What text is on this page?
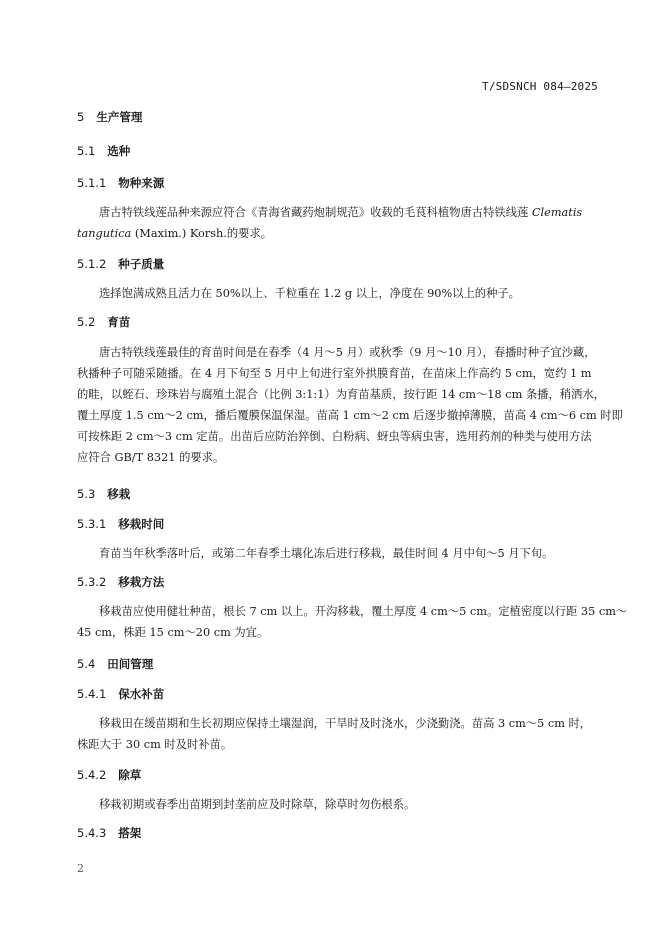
T/SDSNCH 084—2025
5 生产管理
5.1 选种
5.1.1 物种来源
唐古特铁线莲品种来源应符合《青海省藏药炮制规范》收载的毛茛科植物唐古特铁线莲 Clematis
tangutica (Maxim.) Korsh.的要求。
5.1.2 种子质量
选择饱满成熟且活力在 50%以上、千粒重在 1.2 g 以上，净度在 90%以上的种子。
5.2 育苗
唐古特铁线莲最佳的育苗时间是在春季（4 月～5 月）或秋季（9 月～10 月），春播时种子宜沙藏，
秋播种子可随采随播。在 4 月下旬至 5 月中上旬进行室外拱膜育苗，在苗床上作高约 5 cm，宽约 1 m
的畦，以蛭石、珍珠岩与腐殖土混合（比例 3:1:1）为育苗基质，按行距 14 cm～18 cm 条播，稍洒水，
覆土厚度 1.5 cm～2 cm，播后覆膜保温保湿。苗高 1 cm～2 cm 后逐步撤掉薄膜，苗高 4 cm～6 cm 时即
可按株距 2 cm～3 cm 定苗。出苗后应防治猝倒、白粉病、蚜虫等病虫害，选用药剂的种类与使用方法
应符合 GB/T 8321 的要求。
5.3 移栽
5.3.1 移栽时间
育苗当年秋季落叶后，或第二年春季土壤化冻后进行移栽，最佳时间 4 月中旬～5 月下旬。
5.3.2 移栽方法
移栽苗应使用健壮种苗，根长 7 cm 以上。开沟移栽，覆土厚度 4 cm～5 cm。定植密度以行距 35 cm～
45 cm，株距 15 cm～20 cm 为宜。
5.4 田间管理
5.4.1 保水补苗
移栽田在缓苗期和生长初期应保持土壤湿润，干旱时及时浇水，少浇勤浇。苗高 3 cm～5 cm 时，
株距大于 30 cm 时及时补苗。
5.4.2 除草
移栽初期或春季出苗期到封垄前应及时除草，除草时勿伤根系。
5.4.3 搭架
2
